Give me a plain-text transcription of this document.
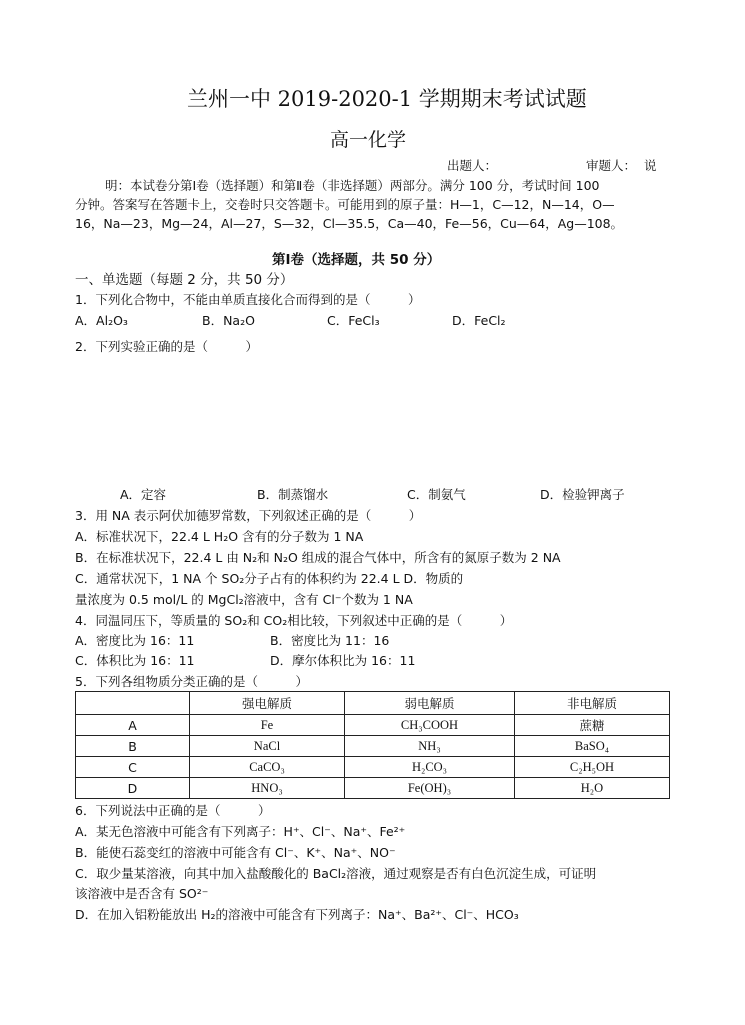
兰州一中 2019-2020-1 学期期末考试试题
高一化学
出题人：	审题人： 说
明：本试卷分第Ⅰ卷（选择题）和第Ⅱ卷（非选择题）两部分。满分 100 分，考试时间 100
分钟。答案写在答题卡上，交卷时只交答题卡。可能用到的原子量：H—1，C—12，N—14，O—
16，Na—23，Mg—24，Al—27，S—32，Cl—35.5，Ca—40，Fe—56，Cu—64，Ag—108。
第Ⅰ卷（选择题，共 50 分）
一、单选题（每题 2 分，共 50 分）
1．下列化合物中，不能由单质直接化合而得到的是（　　　）
A．Al₂O₃	B．Na₂O	C．FeCl₃	D．FeCl₂
2．下列实验正确的是（　　　）
A．定容	B．制蒸馏水	C．制氨气	D．检验钾离子
3．用 NA 表示阿伏加德罗常数，下列叙述正确的是（　　　）
A．标准状况下，22.4 L H₂O 含有的分子数为 1 NA
B．在标准状况下，22.4 L 由 N₂和 N₂O 组成的混合气体中，所含有的氮原子数为 2 NA
C．通常状况下，1 NA 个 SO₂分子占有的体积约为 22.4 L D．物质的
量浓度为 0.5 mol/L 的 MgCl₂溶液中，含有 Cl⁻个数为 1 NA
4．同温同压下，等质量的 SO₂和 CO₂相比较，下列叙述中正确的是（　　　）
A．密度比为 16：11	B．密度比为 11：16
C．体积比为 16：11	D．摩尔体积比为 16：11
5．下列各组物质分类正确的是（　　　）
	强电解质	弱电解质	非电解质
A	Fe	CH₃COOH	蔗糖
B	NaCl	NH₃	BaSO₄
C	CaCO₃	H₂CO₃	C₂H₅OH
D	HNO₃	Fe(OH)₃	H₂O
6．下列说法中正确的是（　　　）
A．某无色溶液中可能含有下列离子：H⁺、Cl⁻、Na⁺、Fe²⁺
B．能使石蕊变红的溶液中可能含有 Cl⁻、K⁺、Na⁺、NO⁻
C．取少量某溶液，向其中加入盐酸酸化的 BaCl₂溶液，通过观察是否有白色沉淀生成，可证明
该溶液中是否含有 SO²⁻
D．在加入铝粉能放出 H₂的溶液中可能含有下列离子：Na⁺、Ba²⁺、Cl⁻、HCO₃
